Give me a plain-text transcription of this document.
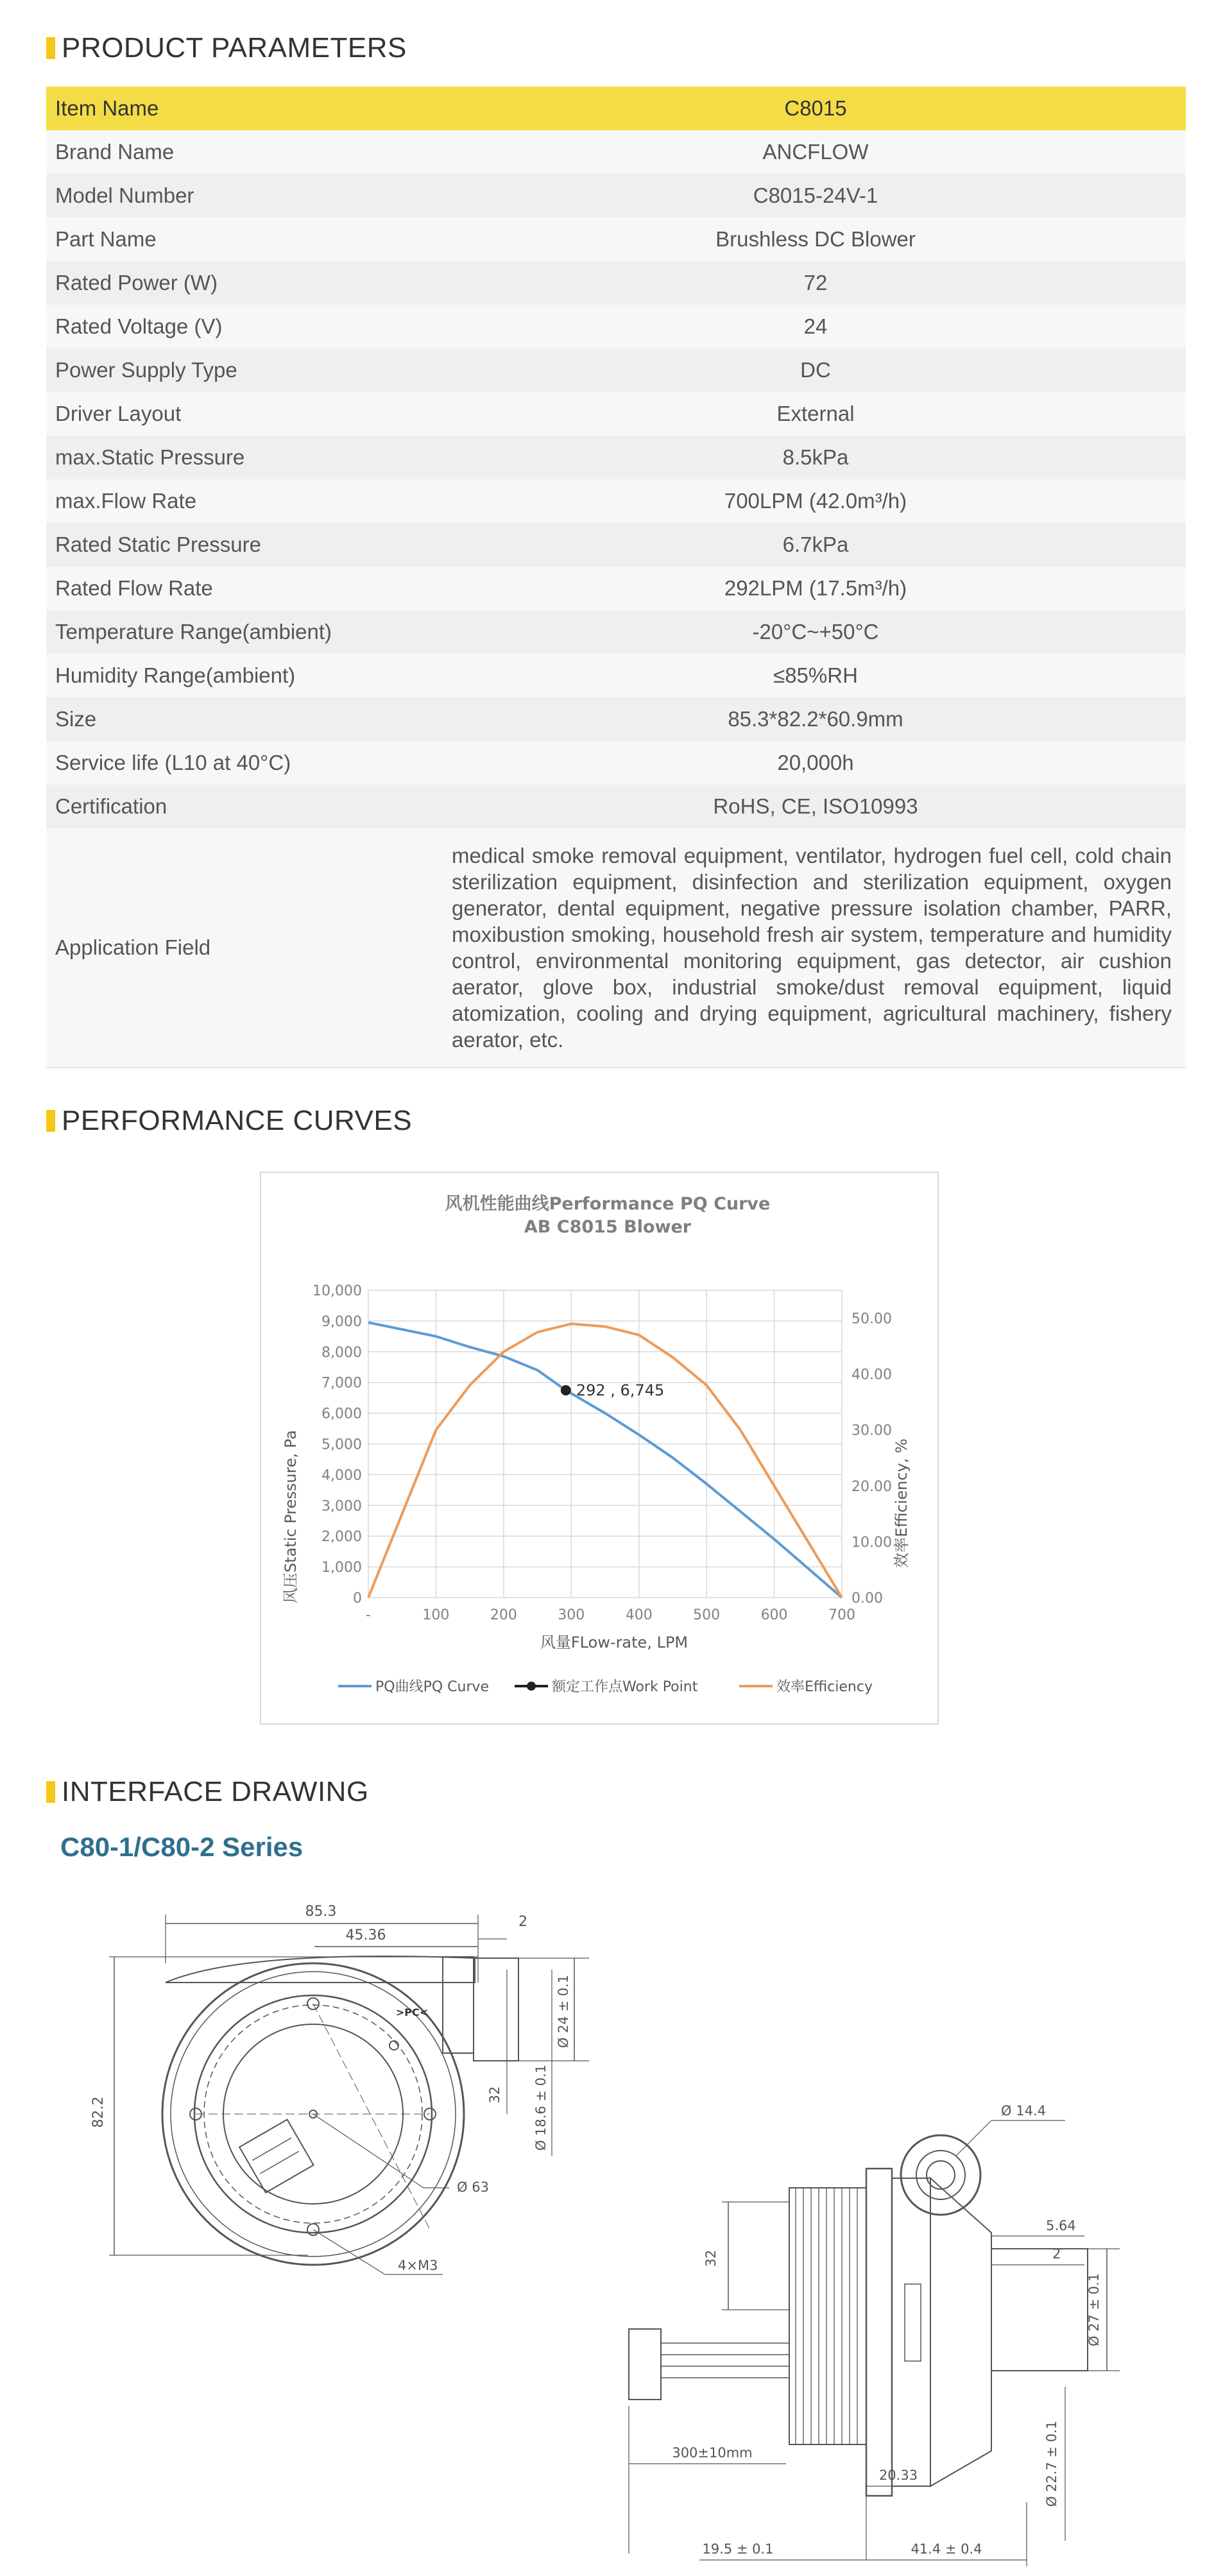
PRODUCT PARAMETERS
Item Name	C8015
Brand Name	ANCFLOW
Model Number	C8015-24V-1
Part Name	Brushless DC Blower
Rated Power (W)	72
Rated Voltage (V)	24
Power Supply Type	DC
Driver Layout	External
max.Static Pressure	8.5kPa
max.Flow Rate	700LPM (42.0m³/h)
Rated Static Pressure	6.7kPa
Rated Flow Rate	292LPM (17.5m³/h)
Temperature Range(ambient)	-20°C~+50°C
Humidity Range(ambient)	≤85%RH
Size	85.3*82.2*60.9mm
Service life (L10 at 40°C)	20,000h
Certification	RoHS, CE, ISO10993
Application Field	medical smoke removal equipment, ventilator, hydrogen fuel cell, cold chain sterilization equipment, disinfection and sterilization equipment, oxygen generator, dental equipment, negative pressure isolation chamber, PARR, moxibustion smoking, household fresh air system, temperature and humidity control, environmental monitoring equipment, gas detector, air cushion aerator, glove box, industrial smoke/dust removal equipment, liquid atomization, cooling and drying equipment, agricultural machinery, fishery aerator, etc.
PERFORMANCE CURVES
风机性能曲线Performance PQ Curve
AB C8015 Blower
0
1,000
2,000
3,000
4,000
5,000
6,000
7,000
8,000
9,000
10,000
-	100	200	300	400	500	600	700
0.00
10.00
20.00
30.00
40.00
50.00
风压Static Pressure, Pa	效率Efficiency, %
风量FLow-rate, LPM
292 , 6,745
PQ曲线PQ Curve	额定工作点Work Point	效率Efficiency
INTERFACE DRAWING
C80-1/C80-2 Series
85.3
45.36
2
82.2
>PC<
Ø 63
4×M3
Ø 24 ± 0.1
Ø 18.6 ± 0.1
32
Ø 14.4
32
5.64
2
Ø 27 ± 0.1
Ø 22.7 ± 0.1
300±10mm
20.33
19.5 ± 0.1	41.4 ± 0.4
